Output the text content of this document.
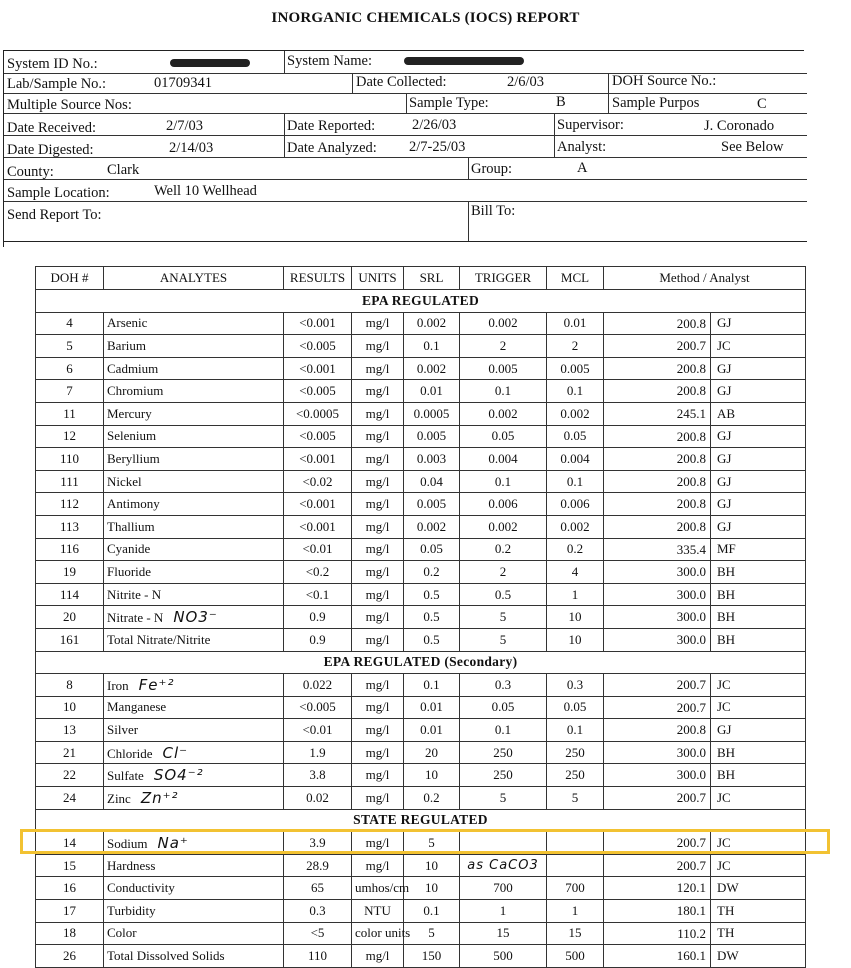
INORGANIC CHEMICALS (IOCS) REPORT
System ID No.:	System Name:
Lab/Sample No.:	01709341	Date Collected:	2/6/03	DOH Source No.:
Multiple Source Nos:	Sample Type:	B	Sample Purpos	C
Date Received:	2/7/03	Date Reported:	2/26/03	Supervisor:	J. Coronado
Date Digested:	2/14/03	Date Analyzed: 2/7-25/03	Analyst:	See Below
County:	Clark	Group:	A
Sample Location:	Well 10 Wellhead
Send Report To:	Bill To:
DOH #	ANALYTES	RESULTS	UNITS	SRL	TRIGGER	MCL	Method / Analyst
EPA REGULATED							
4	Arsenic	<0.001	mg/l	0.002	0.002	0.01	200.8 GJ

5	Barium	<0.005	mg/l	0.1	2	2	200.7 JC

6	Cadmium	<0.001	mg/l	0.002	0.005	0.005	200.8 GJ

7	Chromium	<0.005	mg/l	0.01	0.1	0.1	200.8 GJ

11	Mercury	<0.0005	mg/l	0.0005	0.002	0.002	245.1 AB

12	Selenium	<0.005	mg/l	0.005	0.05	0.05	200.8 GJ

110	Beryllium	<0.001	mg/l	0.003	0.004	0.004	200.8 GJ

111	Nickel	<0.02	mg/l	0.04	0.1	0.1	200.8 GJ

112	Antimony	<0.001	mg/l	0.005	0.006	0.006	200.8 GJ

113	Thallium	<0.001	mg/l	0.002	0.002	0.002	200.8 GJ

116	Cyanide	<0.01	mg/l	0.05	0.2	0.2	335.4 MF

19	Fluoride	<0.2	mg/l	0.2	2	4	300.0 BH

114	Nitrite - N	<0.1	mg/l	0.5	0.5	1	300.0 BH

20	Nitrate - N NO3⁻	0.9	mg/l	0.5	5	10	300.0 BH

161	Total Nitrate/Nitrite	0.9	mg/l	0.5	5	10	300.0 BH

EPA REGULATED (Secondary)							
8	Iron Fe⁺²	0.022	mg/l	0.1	0.3	0.3	200.7 JC

10	Manganese	<0.005	mg/l	0.01	0.05	0.05	200.7 JC

13	Silver	<0.01	mg/l	0.01	0.1	0.1	200.8 GJ

21	Chloride Cl⁻	1.9	mg/l	20	250	250	300.0 BH

22	Sulfate SO4⁻²	3.8	mg/l	10	250	250	300.0 BH

24	Zinc Zn⁺²	0.02	mg/l	0.2	5	5	200.7 JC

STATE REGULATED							
14	Sodium Na⁺	3.9	mg/l	5			200.7 JC

15	Hardness	28.9	mg/l	10	as CaCO3		200.7 JC

16	Conductivity	65	umhos/cm	10	700	700	120.1 DW

17	Turbidity	0.3	NTU	0.1	1	1	180.1 TH

18	Color	<5	color units	5	15	15	110.2 TH

26	Total Dissolved Solids	110	mg/l	150	500	500	160.1 DW
